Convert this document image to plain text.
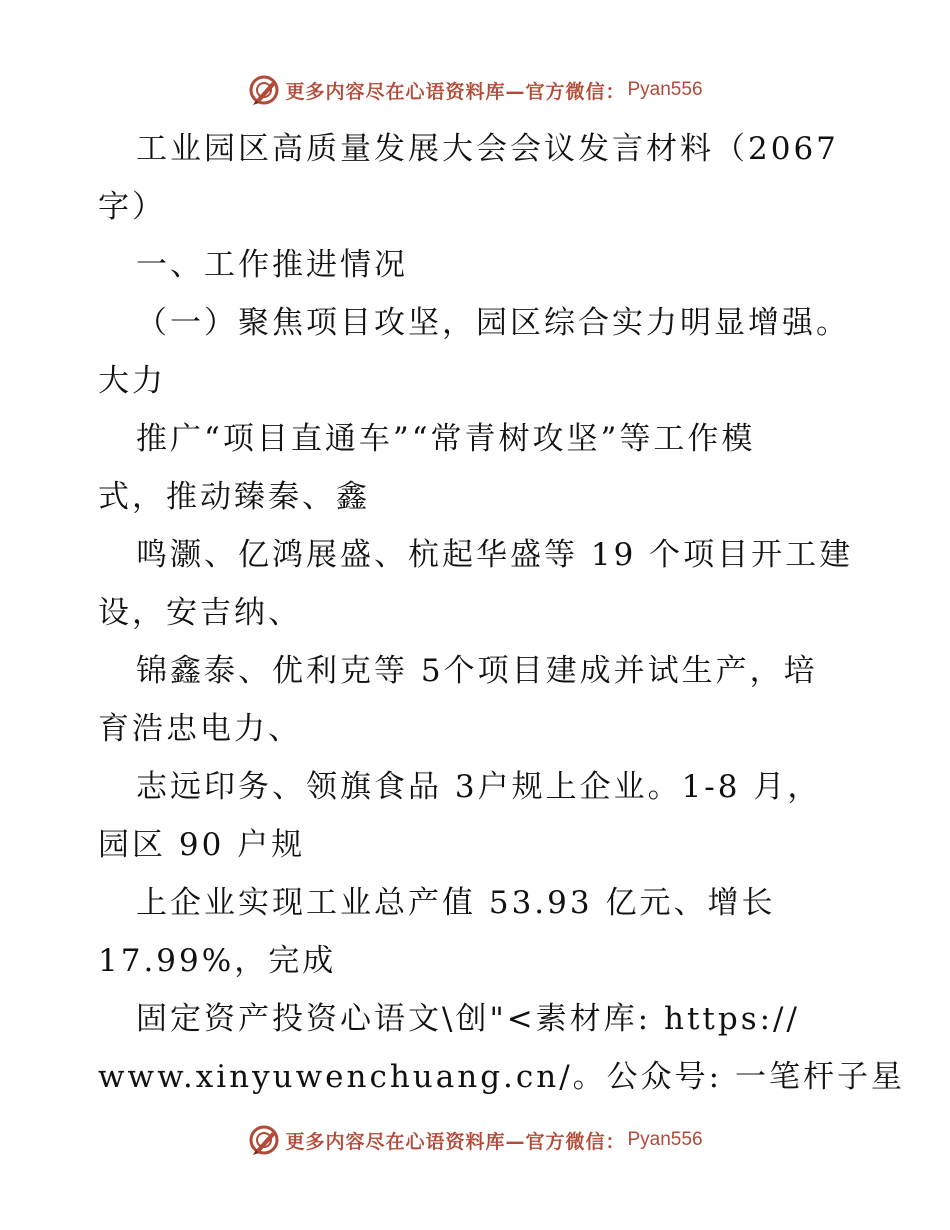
更多内容尽在心语资料库—官方微信： Pyan556
工业园区高质量发展大会会议发言材料（2067
字）
一、工作推进情况
（一）聚焦项目攻坚，园区综合实力明显增强。
大力
推广“项目直通车”“常青树攻坚”等工作模
式，推动臻秦、鑫
鸣灏、亿鸿展盛、杭起华盛等 19 个项目开工建
设，安吉纳、
锦鑫泰、优利克等 5个项目建成并试生产，培
育浩忠电力、
志远印务、领旗食品 3户规上企业。1-8 月，
园区 90 户规
上企业实现工业总产值 53.93 亿元、增长
17.99%，完成
固定资产投资心语文\创"<素材库: https://
www.xinyuwenchuang.cn/。公众号: 一笔杆子星
更多内容尽在心语资料库—官方微信： Pyan556
